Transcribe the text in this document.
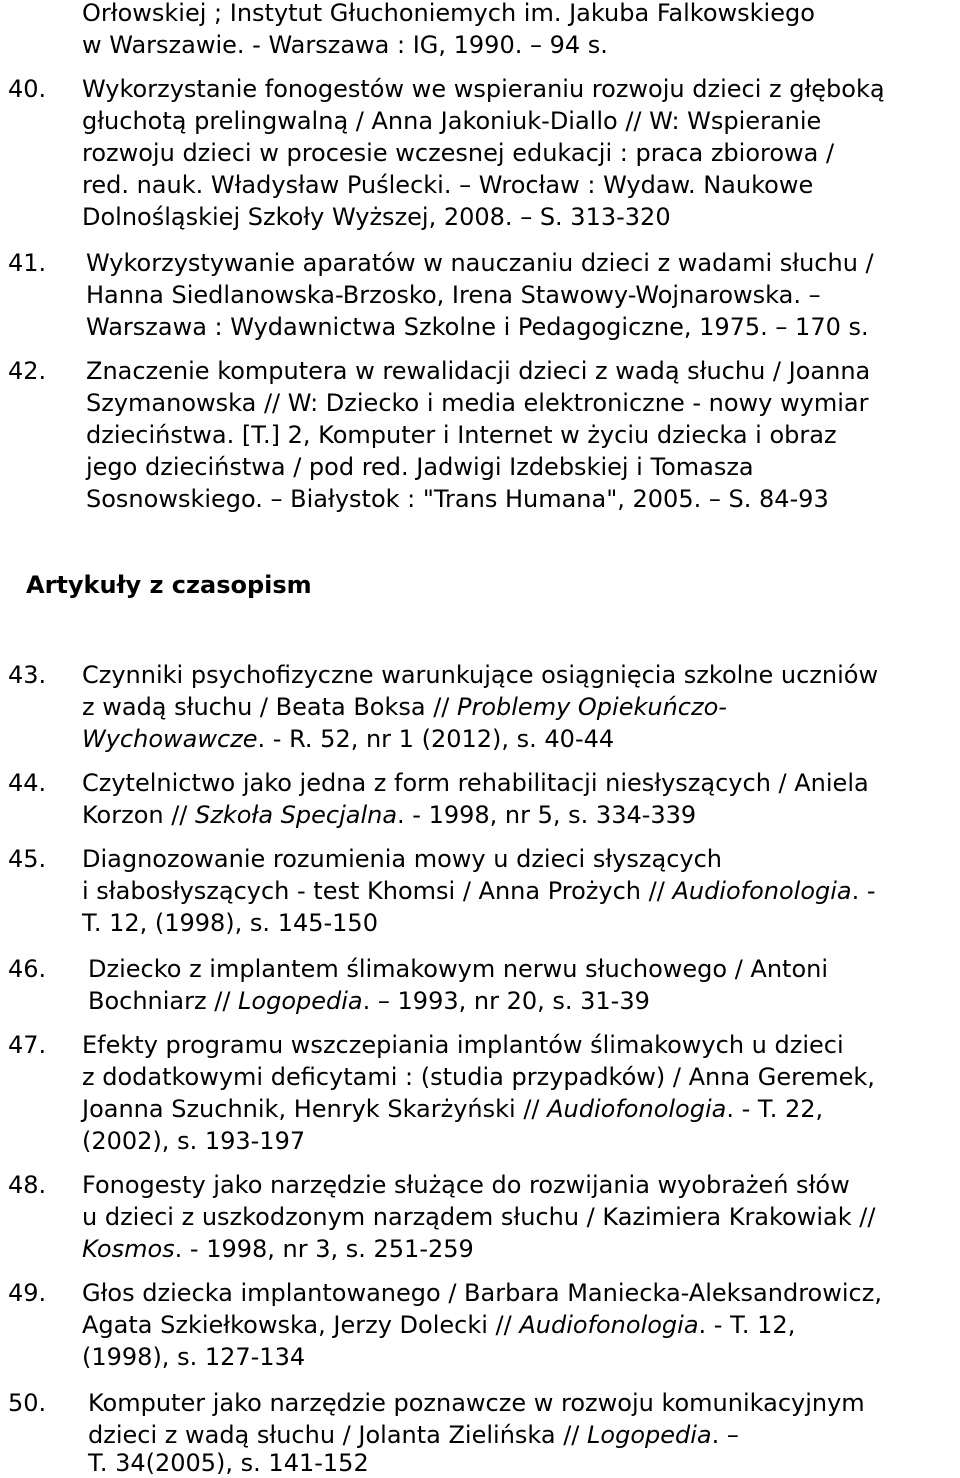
Orłowskiej ; Instytut Głuchoniemych im. Jakuba Falkowskiego
w Warszawie. - Warszawa : IG, 1990. – 94 s.
40. Wykorzystanie fonogestów we wspieraniu rozwoju dzieci z głęboką
głuchotą prelingwalną / Anna Jakoniuk-Diallo // W: Wspieranie
rozwoju dzieci w procesie wczesnej edukacji : praca zbiorowa /
red. nauk. Władysław Puślecki. – Wrocław : Wydaw. Naukowe
Dolnośląskiej Szkoły Wyższej, 2008. – S. 313-320
41. Wykorzystywanie aparatów w nauczaniu dzieci z wadami słuchu /
Hanna Siedlanowska-Brzosko, Irena Stawowy-Wojnarowska. –
Warszawa : Wydawnictwa Szkolne i Pedagogiczne, 1975. – 170 s.
42. Znaczenie komputera w rewalidacji dzieci z wadą słuchu / Joanna
Szymanowska // W: Dziecko i media elektroniczne - nowy wymiar
dzieciństwa. [T.] 2, Komputer i Internet w życiu dziecka i obraz
jego dzieciństwa / pod red. Jadwigi Izdebskiej i Tomasza
Sosnowskiego. – Białystok : "Trans Humana", 2005. – S. 84-93
Artykuły z czasopism
43. Czynniki psychofizyczne warunkujące osiągnięcia szkolne uczniów
z wadą słuchu / Beata Boksa // Problemy Opiekuńczo-
Wychowawcze. - R. 52, nr 1 (2012), s. 40-44
44. Czytelnictwo jako jedna z form rehabilitacji niesłyszących / Aniela
Korzon // Szkoła Specjalna. - 1998, nr 5, s. 334-339
45. Diagnozowanie rozumienia mowy u dzieci słyszących
i słabosłyszących - test Khomsi / Anna Prożych // Audiofonologia. -
T. 12, (1998), s. 145-150
46. Dziecko z implantem ślimakowym nerwu słuchowego / Antoni
Bochniarz // Logopedia. – 1993, nr 20, s. 31-39
47. Efekty programu wszczepiania implantów ślimakowych u dzieci
z dodatkowymi deficytami : (studia przypadków) / Anna Geremek,
Joanna Szuchnik, Henryk Skarżyński // Audiofonologia. - T. 22,
(2002), s. 193-197
48. Fonogesty jako narzędzie służące do rozwijania wyobrażeń słów
u dzieci z uszkodzonym narządem słuchu / Kazimiera Krakowiak //
Kosmos. - 1998, nr 3, s. 251-259
49. Głos dziecka implantowanego / Barbara Maniecka-Aleksandrowicz,
Agata Szkiełkowska, Jerzy Dolecki // Audiofonologia. - T. 12,
(1998), s. 127-134
50. Komputer jako narzędzie poznawcze w rozwoju komunikacyjnym
dzieci z wadą słuchu / Jolanta Zielińska // Logopedia. –
T. 34(2005), s. 141-152
